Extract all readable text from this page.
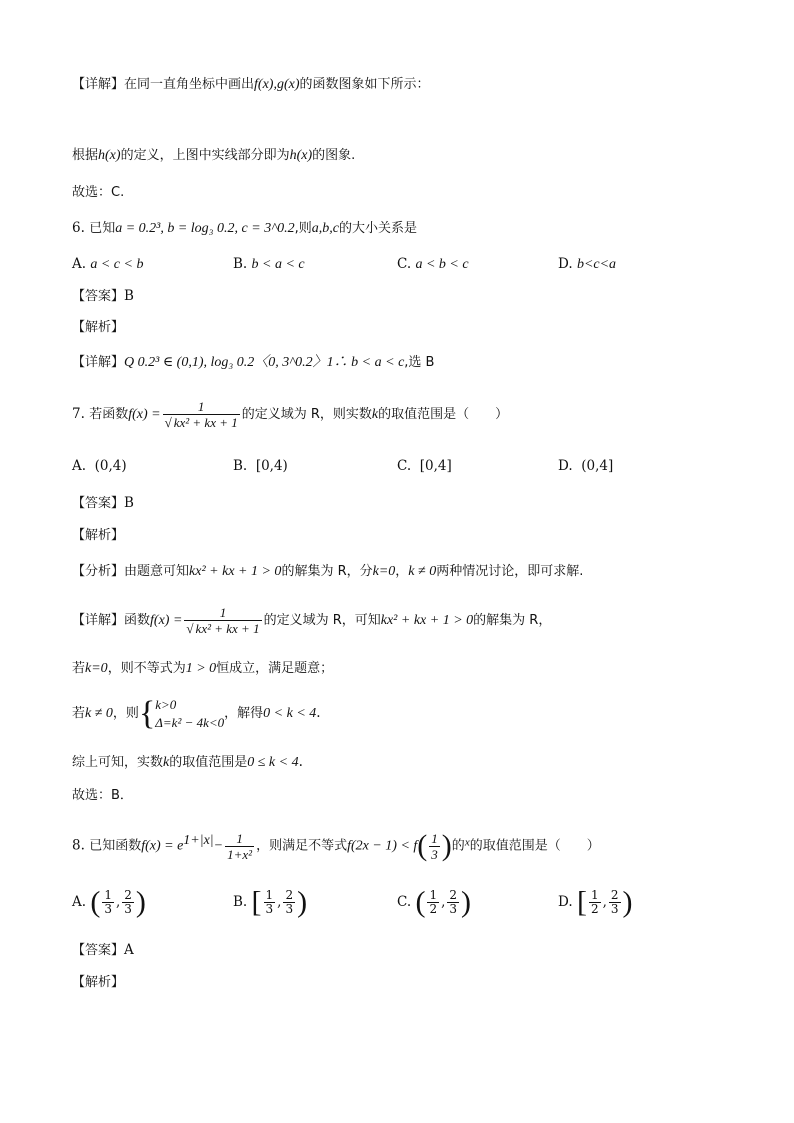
【详解】在同一直角坐标中画出f(x),g(x)的函数图象如下所示：
根据h(x)的定义，上图中实线部分即为h(x)的图象.
故选：C.
6. 已知a = 0.2³, b = log₃ 0.2, c = 3^0.2,则a,b,c的大小关系是
A. a < c < b	B. b < a < c	C. a < b < c	D. b<c<a
【答案】B
【解析】
【详解】Q 0.2³ ∈ (0,1), log₃ 0.2〈0, 3^0.2〉1∴ b < a < c,选 B
7. 若函数$f(x) = \frac{1}{\text{√ kx² + kx + 1}}$ 的定义域为 R，则实数k的取值范围是（　　）
A. (0,4)	B. [0,4)	C. [0,4]	D. (0,4]
【答案】B
【解析】
【分析】由题意可知kx² + kx + 1 > 0的解集为 R，分k=0，k ≠ 0两种情况讨论，即可求解.
【详解】函数$f(x) = \frac{1}{\text{√ kx² + kx + 1}}$ 的定义域为 R，可知kx² + kx + 1 > 0的解集为 R，
若k=0，则不等式为1 > 0恒成立，满足题意；
若k ≠ 0，则{ k>0
Δ=k² − 4k<0
，解得0 < k < 4.
综上可知，实数k的取值范围是0 ≤ k < 4.
故选：B．
8. 已知函数$f(x) = e^{1+|x|}- \frac{1}{\text{1+x²}}$ ，则满足不等式$f(2x - 1) < f( \frac{1}{3}$ )的$^x$的取值范围是（　　）
A. ( $\frac{1}{3}$ , $\frac{2}{3}$ )	B. [ $\frac{1}{3}$ , $\frac{2}{3}$ )	C. ( $\frac{1}{2}$ , $\frac{2}{3}$ )	D. [ $\frac{1}{2}$ , $\frac{2}{3}$ )
【答案】A
【解析】
